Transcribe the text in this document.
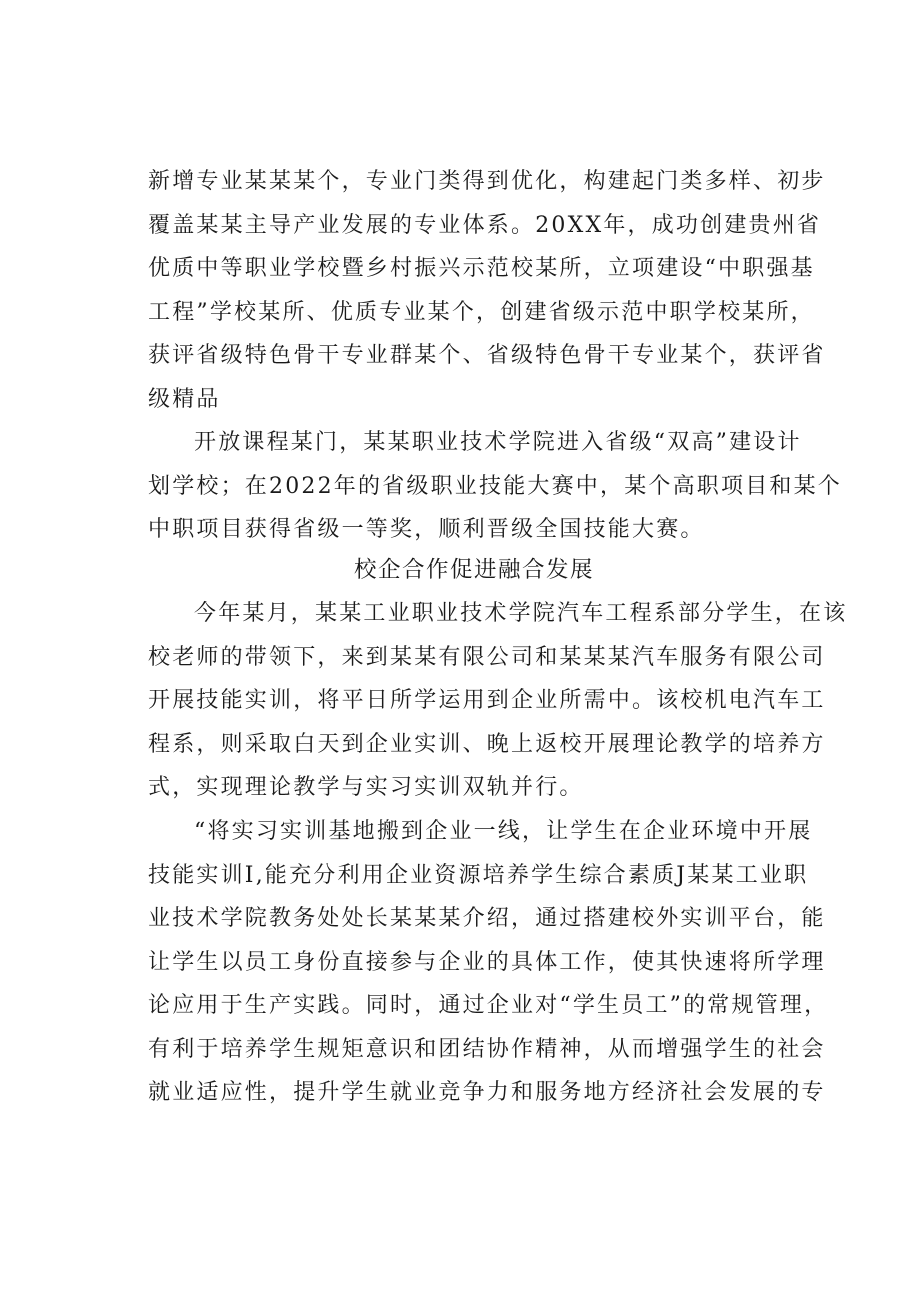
新增专业某某某个，专业门类得到优化，构建起门类多样、初步
覆盖某某主导产业发展的专业体系。20XX年，成功创建贵州省
优质中等职业学校暨乡村振兴示范校某所，立项建设“中职强基
工程”学校某所、优质专业某个，创建省级示范中职学校某所，
获评省级特色骨干专业群某个、省级特色骨干专业某个，获评省
级精品
开放课程某门，某某职业技术学院进入省级“双高”建设计
划学校；在2022年的省级职业技能大赛中，某个高职项目和某个
中职项目获得省级一等奖，顺利晋级全国技能大赛。
校企合作促进融合发展
今年某月，某某工业职业技术学院汽车工程系部分学生，在该
校老师的带领下，来到某某有限公司和某某某汽车服务有限公司
开展技能实训，将平日所学运用到企业所需中。该校机电汽车工
程系，则采取白天到企业实训、晚上返校开展理论教学的培养方
式，实现理论教学与实习实训双轨并行。
“将实习实训基地搬到企业一线，让学生在企业环境中开展
技能实训I,能充分利用企业资源培养学生综合素质J某某工业职
业技术学院教务处处长某某某介绍，通过搭建校外实训平台，能
让学生以员工身份直接参与企业的具体工作，使其快速将所学理
论应用于生产实践。同时，通过企业对“学生员工”的常规管理，
有利于培养学生规矩意识和团结协作精神，从而增强学生的社会
就业适应性，提升学生就业竞争力和服务地方经济社会发展的专
